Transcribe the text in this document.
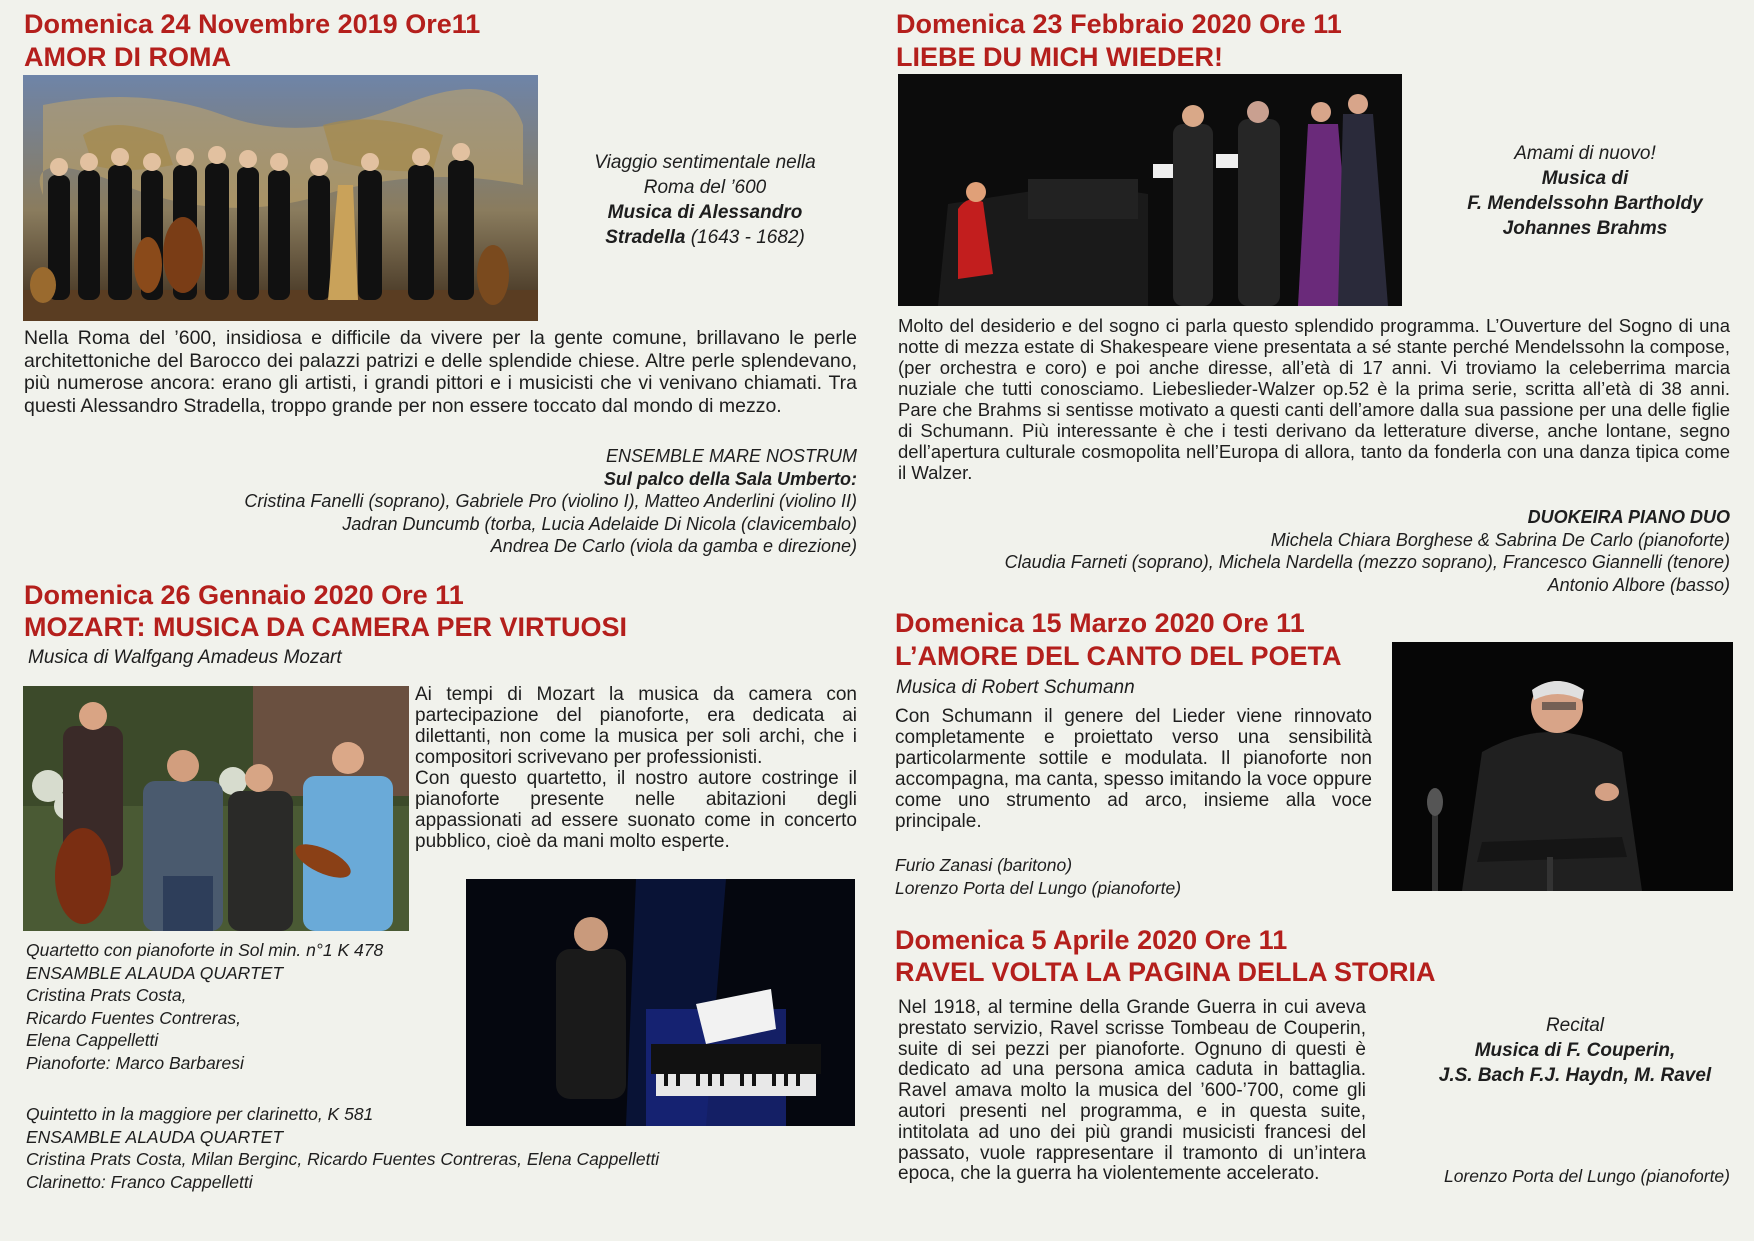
Domenica 24 Novembre 2019 Ore11

AMOR DI ROMA

Viaggio sentimentale nella
Roma del ’600
Musica di Alessandro
Stradella (1643 - 1682)

Nella Roma del ’600, insidiosa e difficile da vivere per la gente comune, brillavano le perle architettoniche del Barocco dei palazzi patrizi e delle splendide chiese. Altre perle splendevano, più numerose ancora: erano gli artisti, i grandi pittori e i musicisti che vi venivano chiamati. Tra questi Alessandro Stradella, troppo grande per non essere toccato dal mondo di mezzo.

ENSEMBLE MARE NOSTRUM
Sul palco della Sala Umberto:
Cristina Fanelli (soprano), Gabriele Pro (violino I), Matteo Anderlini (violino II)
Jadran Duncumb (torba, Lucia Adelaide Di Nicola (clavicembalo)
Andrea De Carlo (viola da gamba e direzione)

Domenica 23 Febbraio 2020 Ore 11

LIEBE DU MICH WIEDER!

Amami di nuovo!
Musica di
F. Mendelssohn Bartholdy
Johannes Brahms

Molto del desiderio e del sogno ci parla questo splendido programma. L’Ouverture del Sogno di una notte di mezza estate di Shakespeare viene presentata a sé stante perché Mendelssohn la compose, (per orchestra e coro) e poi anche diresse, all’età di 17 anni. Vi troviamo la celeberrima marcia nuziale che tutti conosciamo. Liebeslieder-Walzer op.52 è la prima serie, scritta all’età di 38 anni. Pare che Brahms si sentisse motivato a questi canti dell’amore dalla sua passione per una delle figlie di Schumann. Più interessante è che i testi derivano da letterature diverse, anche lontane, segno dell’apertura culturale cosmopolita nell’Europa di allora, tanto da fonderla con una danza tipica come il Walzer.

DUOKEIRA PIANO DUO
Michela Chiara Borghese & Sabrina De Carlo (pianoforte)
Claudia Farneti (soprano), Michela Nardella (mezzo soprano), Francesco Giannelli (tenore)
Antonio Albore (basso)

Domenica 26 Gennaio 2020 Ore 11

MOZART: MUSICA DA CAMERA PER VIRTUOSI

Musica di Walfgang Amadeus Mozart

Ai tempi di Mozart la musica da camera con partecipazione del pianoforte, era dedicata ai dilettanti, non come la musica per soli archi, che i compositori scrivevano per professionisti.

Con questo quartetto, il nostro autore costringe il pianoforte presente nelle abitazioni degli appassionati ad essere suonato come in concerto pubblico, cioè da mani molto esperte.

Quartetto con pianoforte in Sol min. n°1 K 478
ENSAMBLE ALAUDA QUARTET
Cristina Prats Costa,
Ricardo Fuentes Contreras,
Elena Cappelletti
Pianoforte: Marco Barbaresi
Quintetto in la maggiore per clarinetto, K 581
ENSAMBLE ALAUDA QUARTET
Cristina Prats Costa, Milan Berginc, Ricardo Fuentes Contreras, Elena Cappelletti
Clarinetto: Franco Cappelletti

Domenica 15 Marzo 2020 Ore 11

L’AMORE DEL CANTO DEL POETA

Musica di Robert Schumann

Con Schumann il genere del Lieder viene rinnovato completamente e proiettato verso una sensibilità particolarmente sottile e modulata. Il pianoforte non accompagna, ma canta, spesso imitando la voce oppure come uno strumento ad arco, insieme alla voce principale.

Furio Zanasi (baritono)
Lorenzo Porta del Lungo (pianoforte)

Domenica 5 Aprile 2020 Ore 11

RAVEL VOLTA LA PAGINA DELLA STORIA

Nel 1918, al termine della Grande Guerra in cui aveva prestato servizio, Ravel scrisse Tombeau de Couperin, suite di sei pezzi per pianoforte. Ognuno di questi è dedicato ad una persona amica caduta in battaglia. Ravel amava molto la musica del ’600-’700, come gli autori presenti nel programma, e in questa suite, intitolata ad uno dei più grandi musicisti francesi del passato, vuole rappresentare il tramonto di un’intera epoca, che la guerra ha violentemente accelerato.

Recital
Musica di F. Couperin,
J.S. Bach F.J. Haydn, M. Ravel

Lorenzo Porta del Lungo (pianoforte)
